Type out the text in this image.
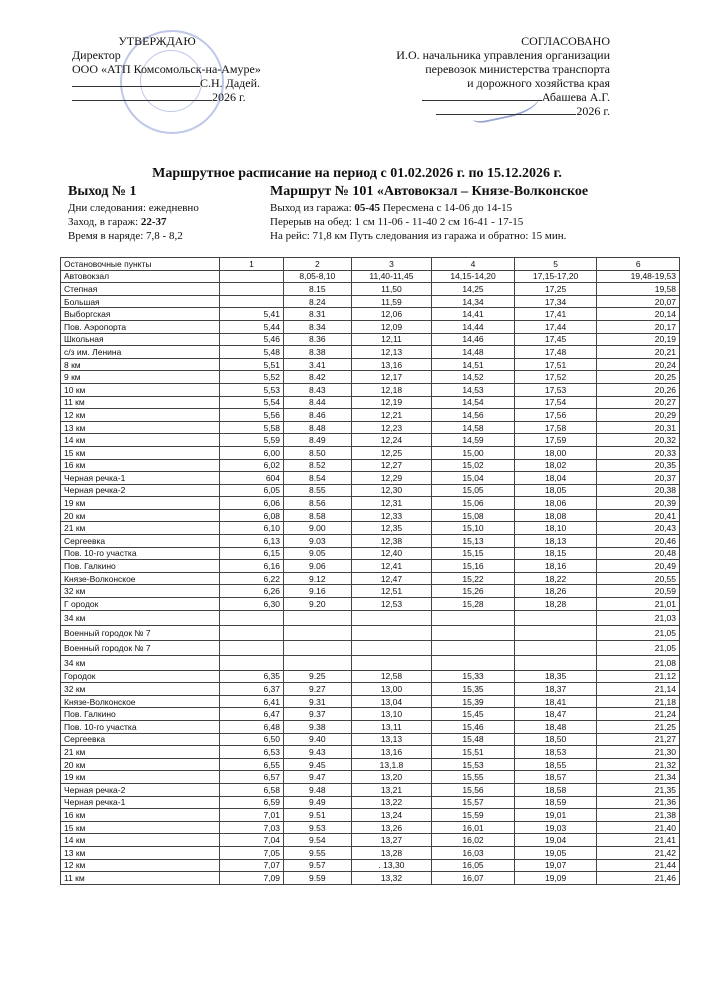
УТВЕРЖДАЮ
Директор
ООО «АТП Комсомольск-на-Амуре»
С.Н. Дадей.
2026 г.
СОГЛАСОВАНО
И.О. начальника управления организации
перевозок министерства транспорта
и дорожного хозяйства края
Абашева А.Г.
2026 г.
Маршрутное расписание на период с 01.02.2026 г. по 15.12.2026 г.
Выход № 1	Маршрут № 101 «Автовокзал – Князе-Волконское
Дни следования: ежедневно	Выход из гаража: 05-45 Пересмена с 14-06 до 14-15
Заход, в гараж: 22-37	Перерыв на обед: 1 см 11-06 - 11-40 2 см 16-41 - 17-15
Время в наряде: 7,8 - 8,2	На рейс: 71,8 км Путь следования из гаража и обратно: 15 мин.
Остановочные пункты	1	2	3	4	5	6
Автовокзал		8,05-8,10	11,40-11,45	14,15-14,20	17,15-17,20	19,48-19,53
Степная		8.15	11,50	14,25	17,25	19,58
Большая		8.24	11,59	14,34	17,34	20,07
Выборгская	5,41	8.31	12,06	14,41	17,41	20,14
Пов. Аэропорта	5,44	8.34	12,09	14,44	17,44	20,17
Школьная	5,46	8.36	12,11	14,46	17,45	20,19
с/з им. Ленина	5,48	8.38	12,13	14,48	17,48	20,21
8 км	5,51	3.41	13,16	14,51	17,51	20,24
9 км	5,52	8.42	12,17	14,52	17,52	20,25
10 км	5,53	8.43	12,18	14,53	17,53	20,26
11 км	5,54	8.44	12,19	14,54	17,54	20,27
12 км	5,56	8.46	12,21	14,56	17,56	20,29
13 км	5,58	8.48	12,23	14,58	17,58	20,31
14 км	5,59	8.49	12,24	14,59	17,59	20,32
15 км	6,00	8.50	12,25	15,00	18,00	20,33
16 км	6,02	8.52	12,27	15,02	18,02	20,35
Черная речка-1	604	8.54	12,29	15,04	18,04	20,37
Черная речка-2	6,05	8.55	12,30	15,05	18,05	20,38
19 км	6,06	8.56	12,31	15,06	18,06	20,39
20 км	6,08	8.58	12,33	15,08	18,08	20,41
21 км	6,10	9.00	12,35	15,10	18,10	20,43
Сергеевка	6,13	9.03	12,38	15,13	18,13	20,46
Пов. 10-го участка	6,15	9.05	12,40	15,15	18,15	20,48
Пов. Галкино	6,16	9.06	12,41	15,16	18,16	20,49
Князе-Волконское	6,22	9.12	12,47	15,22	18,22	20,55
32 км	6,26	9.16	12,51	15,26	18,26	20,59
Г ородок	6,30	9.20	12,53	15,28	18,28	21,01
34 км						21,03
Военный городок № 7						21,05
Военный городок № 7						21,05
34 км						21,08
Городок	6,35	9.25	12,58	15,33	18,35	21,12
32 км	6,37	9.27	13,00	15,35	18,37	21,14
Князе-Волконское	6,41	9.31	13,04	15,39	18,41	21,18
Пов. Галкино	6,47	9.37	13,10	15,45	18,47	21,24
Пов. 10-го участка	6,48	9.38	13,11	15,46	18,48	21,25
Сергеевка	6,50	9.40	13,13	15,48	18,50	21,27
21 км	6,53	9.43	13,16	15,51	18,53	21,30
20 км	6,55	9.45	13,1.8	15,53	18,55	21,32
19 км	6,57	9.47	13,20	15,55	18,57	21,34
Черная речка-2	6,58	9.48	13,21	15,56	18,58	21,35
Черная речка-1	6,59	9.49	13,22	15,57	18,59	21,36
16 км	7,01	9.51	13,24	15,59	19,01	21,38
15 км	7,03	9.53	13,26	16,01	19,03	21,40
14 км	7,04	9.54	13,27	16,02	19,04	21,41
13 км	7,05	9.55	13,28	16,03	19,05	21,42
12 км	7,07	9.57	. 13,30	16,05	19,07	21,44
11 км	7,09	9.59	13,32	16,07	19,09	21,46
